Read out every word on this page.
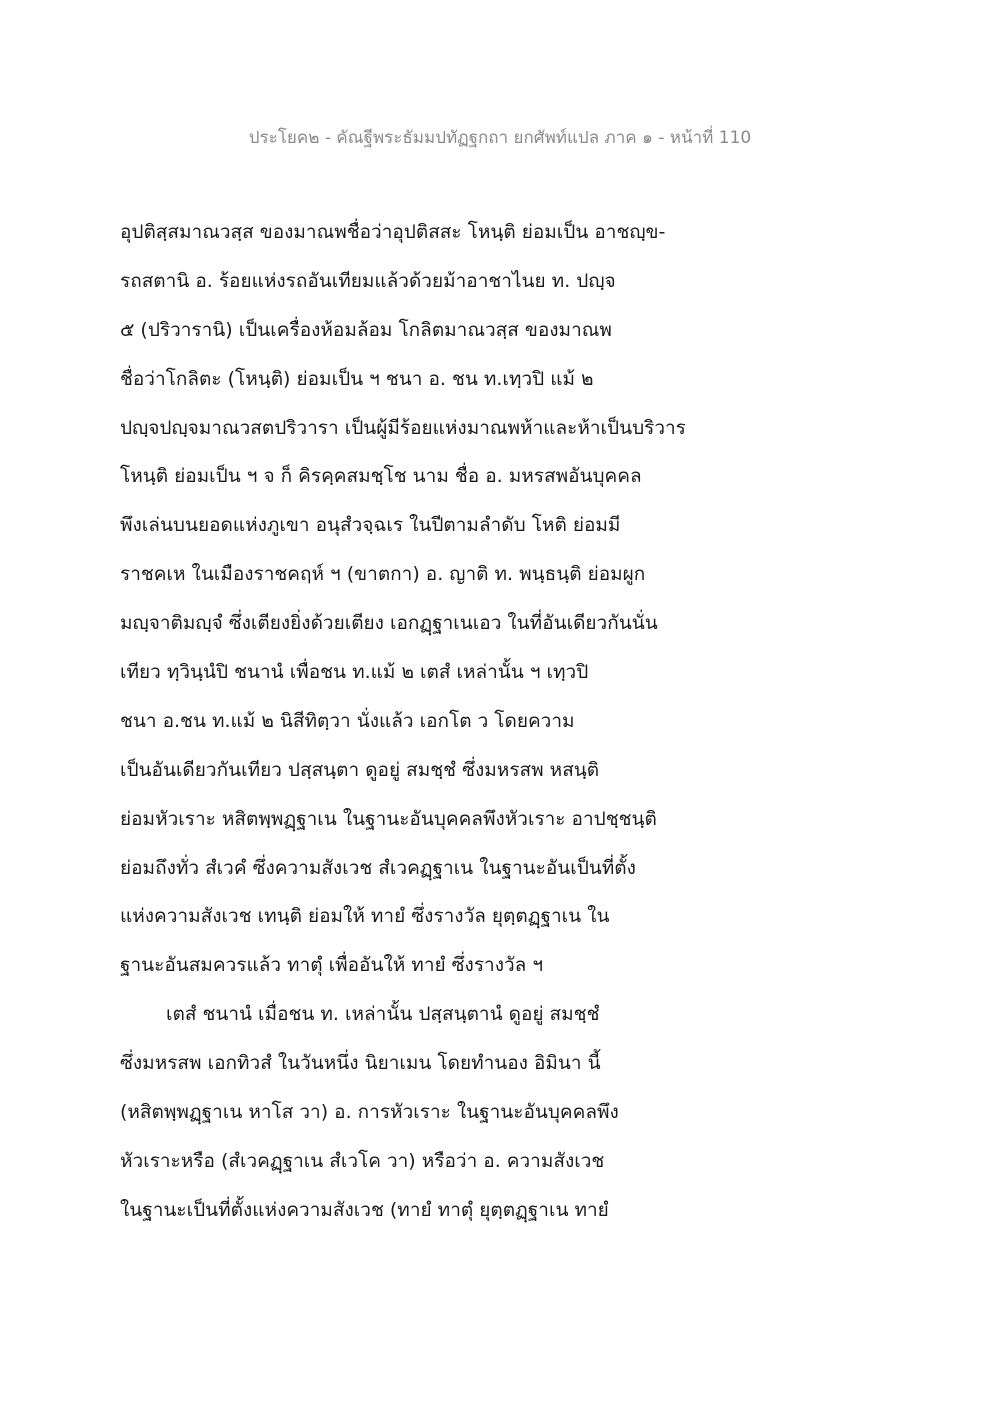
ประโยค๒ - คัณฐีพระธัมมปทัฏฐกถา ยกศัพท์แปล ภาค ๑ - หน้าที่ 110
อุปติสฺสมาณวสฺส ของมาณพชื่อว่าอุปติสสะ โหนฺติ ย่อมเป็น อาชญฺข-
รถสตานิ อ. ร้อยแห่งรถอันเทียมแล้วด้วยม้าอาชาไนย ท. ปญฺจ
๕ (ปริวารานิ) เป็นเครื่องห้อมล้อม โกลิตมาณวสฺส ของมาณพ
ชื่อว่าโกลิตะ (โหนฺติ) ย่อมเป็น ฯ ชนา อ. ชน ท.เทฺวปิ แม้ ๒
ปญฺจปญฺจมาณวสตปริวารา เป็นผู้มีร้อยแห่งมาณพห้าและห้าเป็นบริวาร
โหนฺติ ย่อมเป็น ฯ จ ก็ คิรคฺคสมชฺโช นาม ชื่อ อ. มหรสพอันบุคคล
พึงเล่นบนยอดแห่งภูเขา อนุสํวจฺฉเร ในปีตามลำดับ โหติ ย่อมมี
ราชคเห ในเมืองราชคฤห์ ฯ (ขาตกา) อ. ญาติ ท. พนฺธนฺติ ย่อมผูก
มญฺจาติมญฺจํ ซึ่งเตียงยิ่งด้วยเตียง เอกฏฺฐาเนเอว ในที่อันเดียวกันนั่น
เทียว ทฺวินฺนํปิ ชนานํ เพื่อชน ท.แม้ ๒ เตสํ เหล่านั้น ฯ เทฺวปิ
ชนา อ.ชน ท.แม้ ๒ นิสีทิตฺวา นั่งแล้ว เอกโต ว โดยความ
เป็นอันเดียวกันเทียว ปสฺสนฺตา ดูอยู่ สมชฺชํ ซึ่งมหรสพ หสนฺติ
ย่อมหัวเราะ หสิตพฺพฏฺฐาเน ในฐานะอันบุคคลพึงหัวเราะ อาปชฺชนฺติ
ย่อมถึงทั่ว สํเวคํ ซึ่งความสังเวช สํเวคฏฺฐาเน ในฐานะอันเป็นที่ตั้ง
แห่งความสังเวช เทนฺติ ย่อมให้ ทายํ ซึ่งรางวัล ยุตฺตฏฺฐาเน ใน
ฐานะอันสมควรแล้ว ทาตุํ เพื่ออันให้ ทายํ ซึ่งรางวัล ฯ
เตสํ ชนานํ เมื่อชน ท. เหล่านั้น ปสฺสนฺตานํ ดูอยู่ สมชฺชํ
ซึ่งมหรสพ เอกทิวสํ ในวันหนึ่ง นิยาเมน โดยทำนอง อิมินา นี้
(หสิตพฺพฏฺฐาเน หาโส วา) อ. การหัวเราะ ในฐานะอันบุคคลพึง
หัวเราะหรือ (สํเวคฏฺฐาเน สํเวโค วา) หรือว่า อ. ความสังเวช
ในฐานะเป็นที่ตั้งแห่งความสังเวช (ทายํ ทาตุํ ยุตฺตฏฺฐาเน ทายํ
